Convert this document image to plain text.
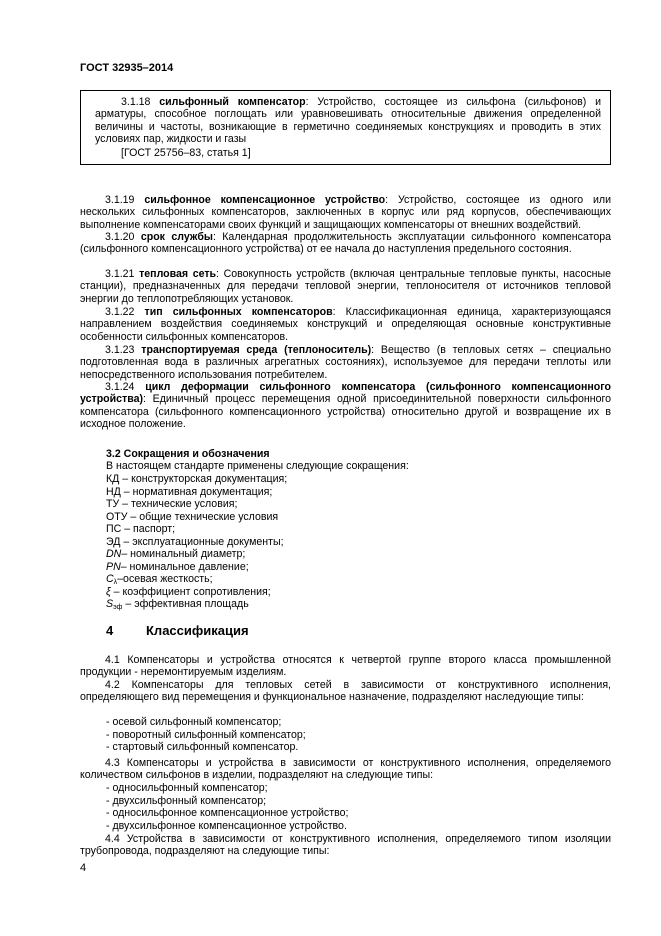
ГОСТ 32935–2014
3.1.18 сильфонный компенсатор: Устройство, состоящее из сильфона (сильфонов) и арматуры, способное поглощать или уравновешивать относительные движения определенной величины и частоты, возникающие в герметично соединяемых конструкциях и проводить в этих условиях пар, жидкости и газы
[ГОСТ 25756–83, статья 1]

3.1.19 сильфонное компенсационное устройство: Устройство, состоящее из одного или нескольких сильфонных компенсаторов, заключенных в корпус или ряд корпусов, обеспечивающих выполнение компенсаторами своих функций и защищающих компенсаторы от внешних воздействий.

3.1.20 срок службы: Календарная продолжительность эксплуатации сильфонного компенсатора (сильфонного компенсационного устройства) от ее начала до наступления предельного состояния.

3.1.21 тепловая сеть: Совокупность устройств (включая центральные тепловые пункты, насосные станции), предназначенных для передачи тепловой энергии, теплоносителя от источников тепловой энергии до теплопотребляющих установок.

3.1.22 тип сильфонных компенсаторов: Классификационная единица, характеризующаяся направлением воздействия соединяемых конструкций и определяющая основные конструктивные особенности сильфонных компенсаторов.

3.1.23 транспортируемая среда (теплоноситель): Вещество (в тепловых сетях – специально подготовленная вода в различных агрегатных состояниях), используемое для передачи теплоты или непосредственного использования потребителем.

3.1.24 цикл деформации сильфонного компенсатора (сильфонного компенсационного устройства): Единичный процесс перемещения одной присоединительной поверхности сильфонного компенсатора (сильфонного компенсационного устройства) относительно другой и возвращение их в исходное положение.

3.2 Сокращения и обозначения
В настоящем стандарте применены следующие сокращения:
КД – конструкторская документация;
НД – нормативная документация;
ТУ – технические условия;
ОТУ – общие технические условия
ПС – паспорт;
ЭД – эксплуатационные документы;
DN– номинальный диаметр;
PN– номинальное давление;
$C_\lambda$–осевая жесткость;
ξ – коэффициент сопротивления;
$S_{эф}$ – эффективная площадь
4	Классификация

4.1 Компенсаторы и устройства относятся к четвертой группе второго класса промышленной продукции - неремонтируемым изделиям.

4.2 Компенсаторы для тепловых сетей в зависимости от конструктивного исполнения, определяющего вид перемещения и функциональное назначение, подразделяют наследующие типы:

- осевой сильфонный компенсатор;
- поворотный сильфонный компенсатор;
- стартовый сильфонный компенсатор.

4.3 Компенсаторы и устройства в зависимости от конструктивного исполнения, определяемого количеством сильфонов в изделии, подразделяют на следующие типы:

- односильфонный компенсатор;
- двухсильфонный компенсатор;
- односильфонное компенсационное устройство;
- двухсильфонное компенсационное устройство.

4.4 Устройства в зависимости от конструктивного исполнения, определяемого типом изоляции трубопровода, подразделяют на следующие типы:

4
